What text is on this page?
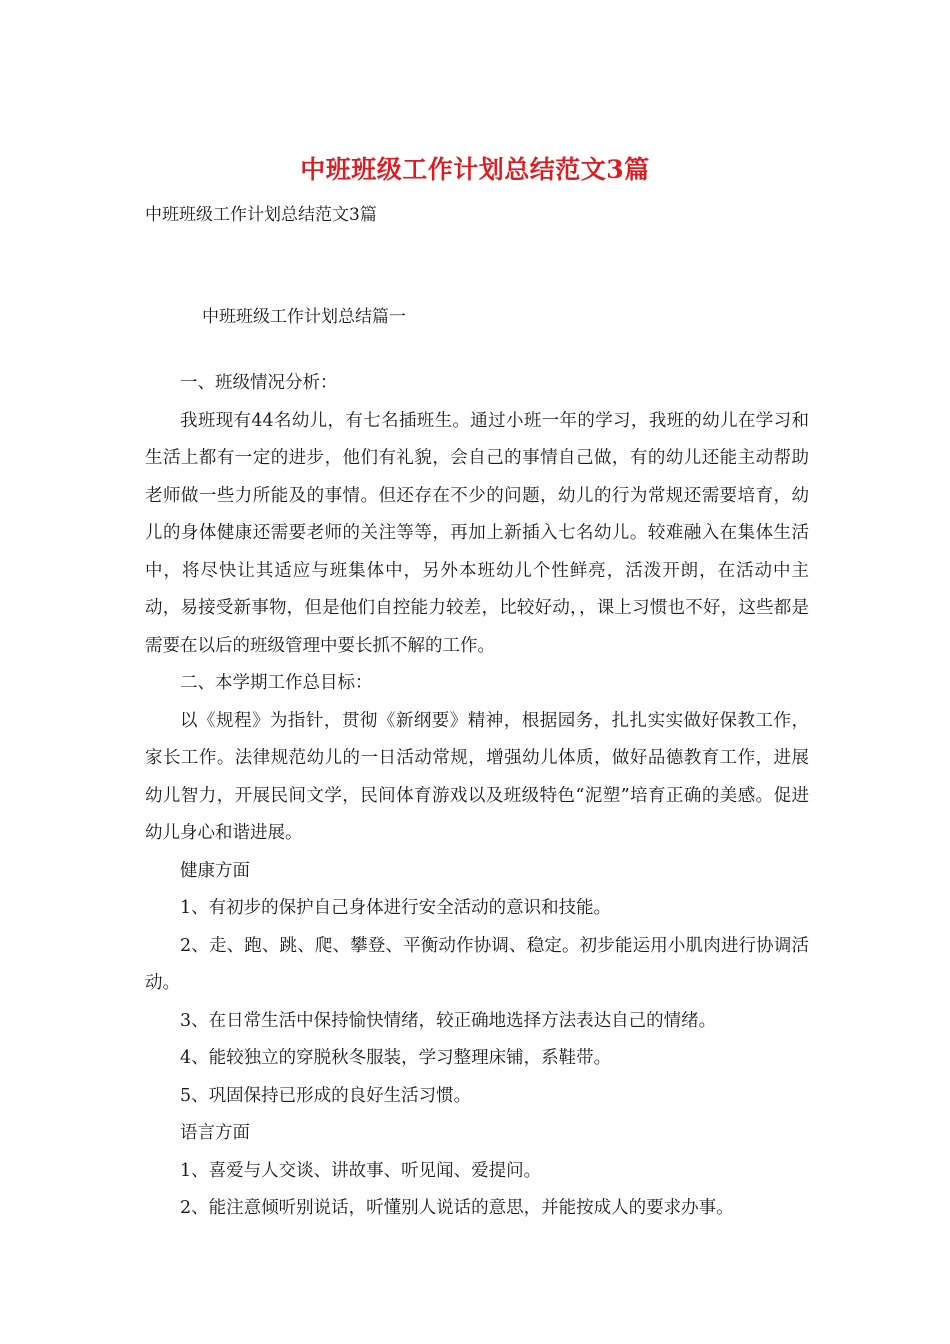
中班班级工作计划总结范文3篇
中班班级工作计划总结范文3篇
中班班级工作计划总结篇一

一、班级情况分析：

我班现有44名幼儿，有七名插班生。通过小班一年的学习，我班的幼儿在学习和生活上都有一定的进步，他们有礼貌，会自己的事情自己做，有的幼儿还能主动帮助老师做一些力所能及的事情。但还存在不少的问题，幼儿的行为常规还需要培育，幼儿的身体健康还需要老师的关注等等，再加上新插入七名幼儿。较难融入在集体生活中，将尽快让其适应与班集体中，另外本班幼儿个性鲜亮，活泼开朗，在活动中主动，易接受新事物，但是他们自控能力较差，比较好动，，课上习惯也不好，这些都是需要在以后的班级管理中要长抓不解的工作。

二、本学期工作总目标：

以《规程》为指针，贯彻《新纲要》精神，根据园务，扎扎实实做好保教工作，家长工作。法律规范幼儿的一日活动常规，增强幼儿体质，做好品德教育工作，进展幼儿智力，开展民间文学，民间体育游戏以及班级特色“泥塑”培育正确的美感。促进幼儿身心和谐进展。

健康方面

1、有初步的保护自己身体进行安全活动的意识和技能。

2、走、跑、跳、爬、攀登、平衡动作协调、稳定。初步能运用小肌肉进行协调活动。

3、在日常生活中保持愉快情绪，较正确地选择方法表达自己的情绪。

4、能较独立的穿脱秋冬服装，学习整理床铺，系鞋带。

5、巩固保持已形成的良好生活习惯。

语言方面

1、喜爱与人交谈、讲故事、听见闻、爱提问。

2、能注意倾听别说话，听懂别人说话的意思，并能按成人的要求办事。
